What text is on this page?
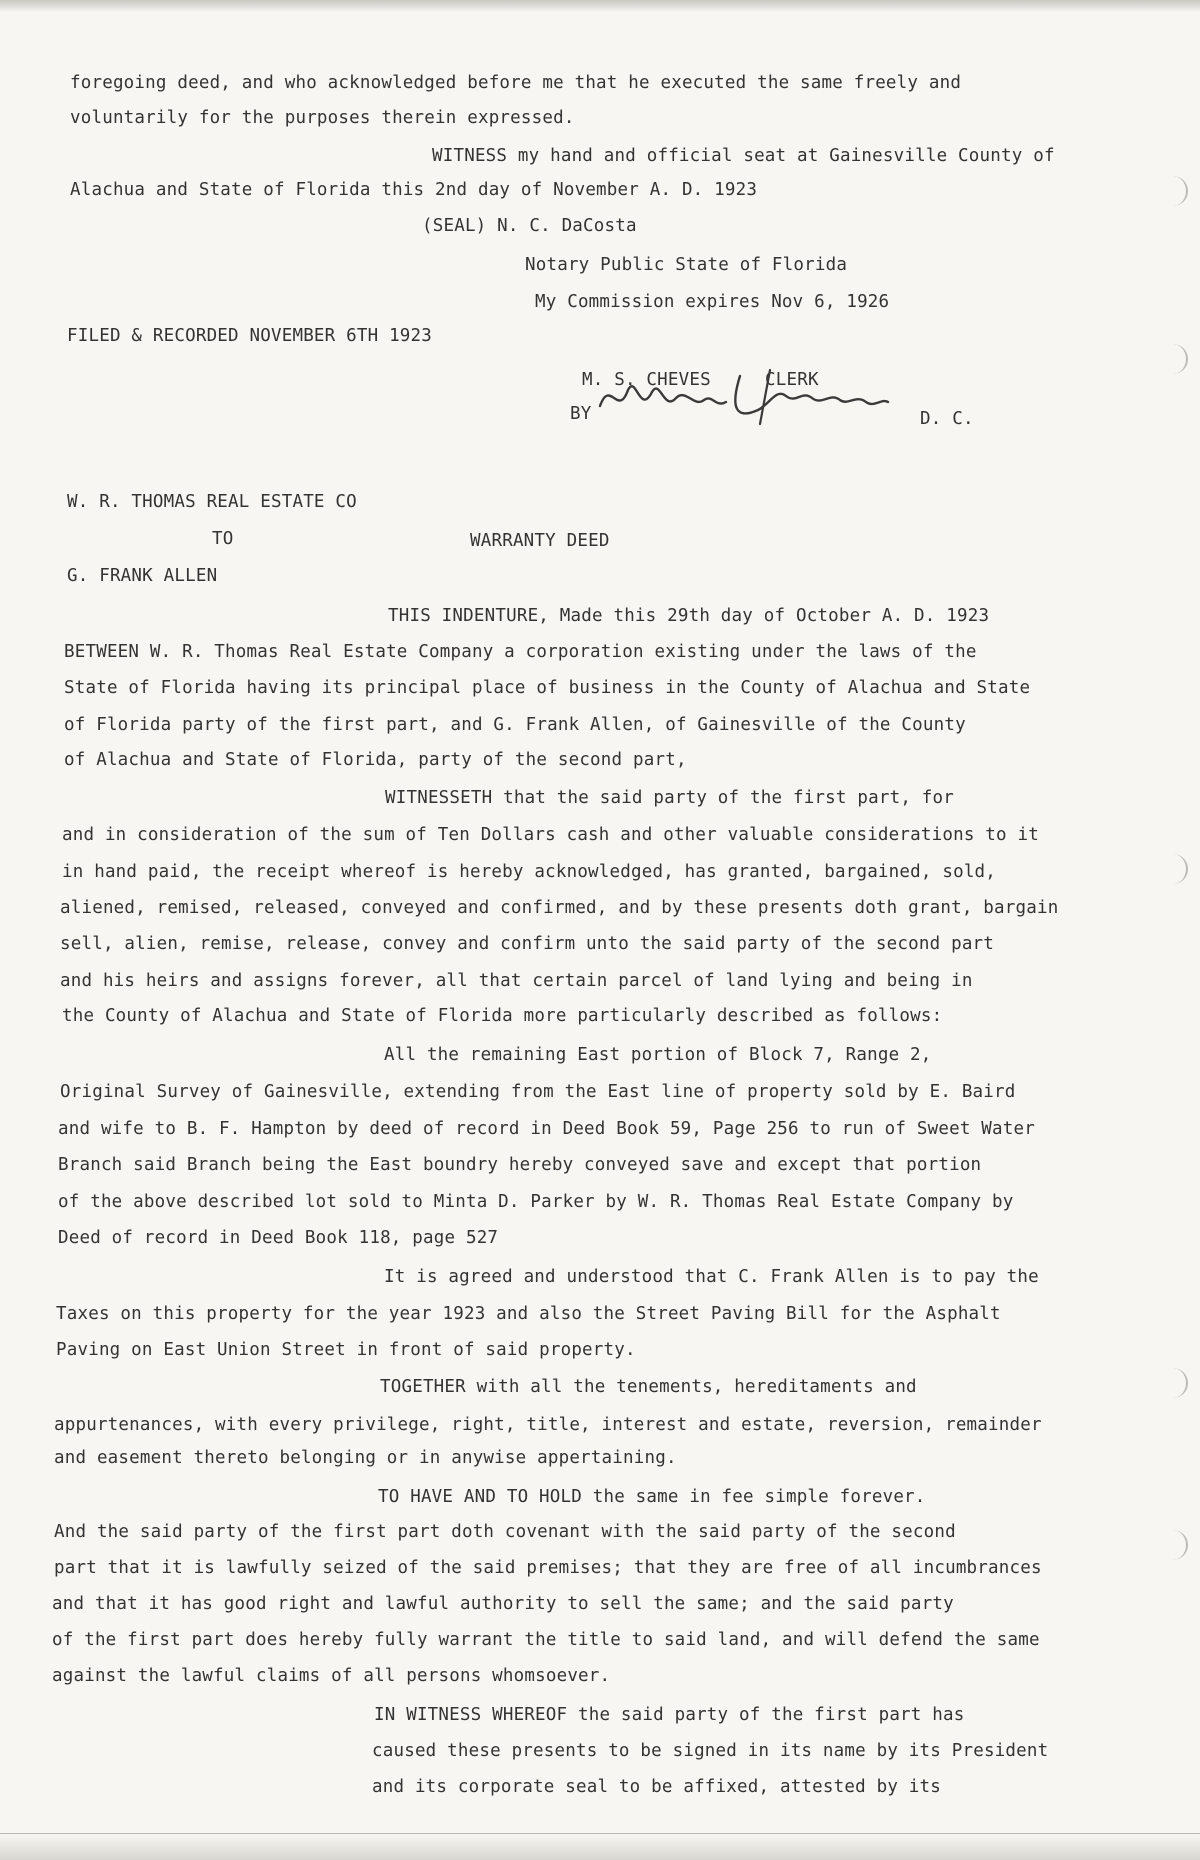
foregoing deed, and who acknowledged before me that he executed the same freely and
voluntarily for the purposes therein expressed.
WITNESS my hand and official seat at Gainesville County of
Alachua and State of Florida this 2nd day of November A. D. 1923
(SEAL) N. C. DaCosta
Notary Public State of Florida
My Commission expires Nov 6, 1926
FILED & RECORDED NOVEMBER 6TH 1923
M. S. CHEVES	CLERK
BY	D. C.
W. R. THOMAS REAL ESTATE CO
TO	WARRANTY DEED
G. FRANK ALLEN
THIS INDENTURE, Made this 29th day of October A. D. 1923
BETWEEN W. R. Thomas Real Estate Company a corporation existing under the laws of the
State of Florida having its principal place of business in the County of Alachua and State
of Florida party of the first part, and G. Frank Allen, of Gainesville of the County
of Alachua and State of Florida, party of the second part,
WITNESSETH that the said party of the first part, for
and in consideration of the sum of Ten Dollars cash and other valuable considerations to it
in hand paid, the receipt whereof is hereby acknowledged, has granted, bargained, sold,
aliened, remised, released, conveyed and confirmed, and by these presents doth grant, bargain
sell, alien, remise, release, convey and confirm unto the said party of the second part
and his heirs and assigns forever, all that certain parcel of land lying and being in
the County of Alachua and State of Florida more particularly described as follows:
All the remaining East portion of Block 7, Range 2,
Original Survey of Gainesville, extending from the East line of property sold by E. Baird
and wife to B. F. Hampton by deed of record in Deed Book 59, Page 256 to run of Sweet Water
Branch said Branch being the East boundry hereby conveyed save and except that portion
of the above described lot sold to Minta D. Parker by W. R. Thomas Real Estate Company by
Deed of record in Deed Book 118, page 527
It is agreed and understood that C. Frank Allen is to pay the
Taxes on this property for the year 1923 and also the Street Paving Bill for the Asphalt
Paving on East Union Street in front of said property.
TOGETHER with all the tenements, hereditaments and
appurtenances, with every privilege, right, title, interest and estate, reversion, remainder
and easement thereto belonging or in anywise appertaining.
TO HAVE AND TO HOLD the same in fee simple forever.
And the said party of the first part doth covenant with the said party of the second
part that it is lawfully seized of the said premises; that they are free of all incumbrances
and that it has good right and lawful authority to sell the same; and the said party
of the first part does hereby fully warrant the title to said land, and will defend the same
against the lawful claims of all persons whomsoever.
IN WITNESS WHEREOF the said party of the first part has
caused these presents to be signed in its name by its President
and its corporate seal to be affixed, attested by its
